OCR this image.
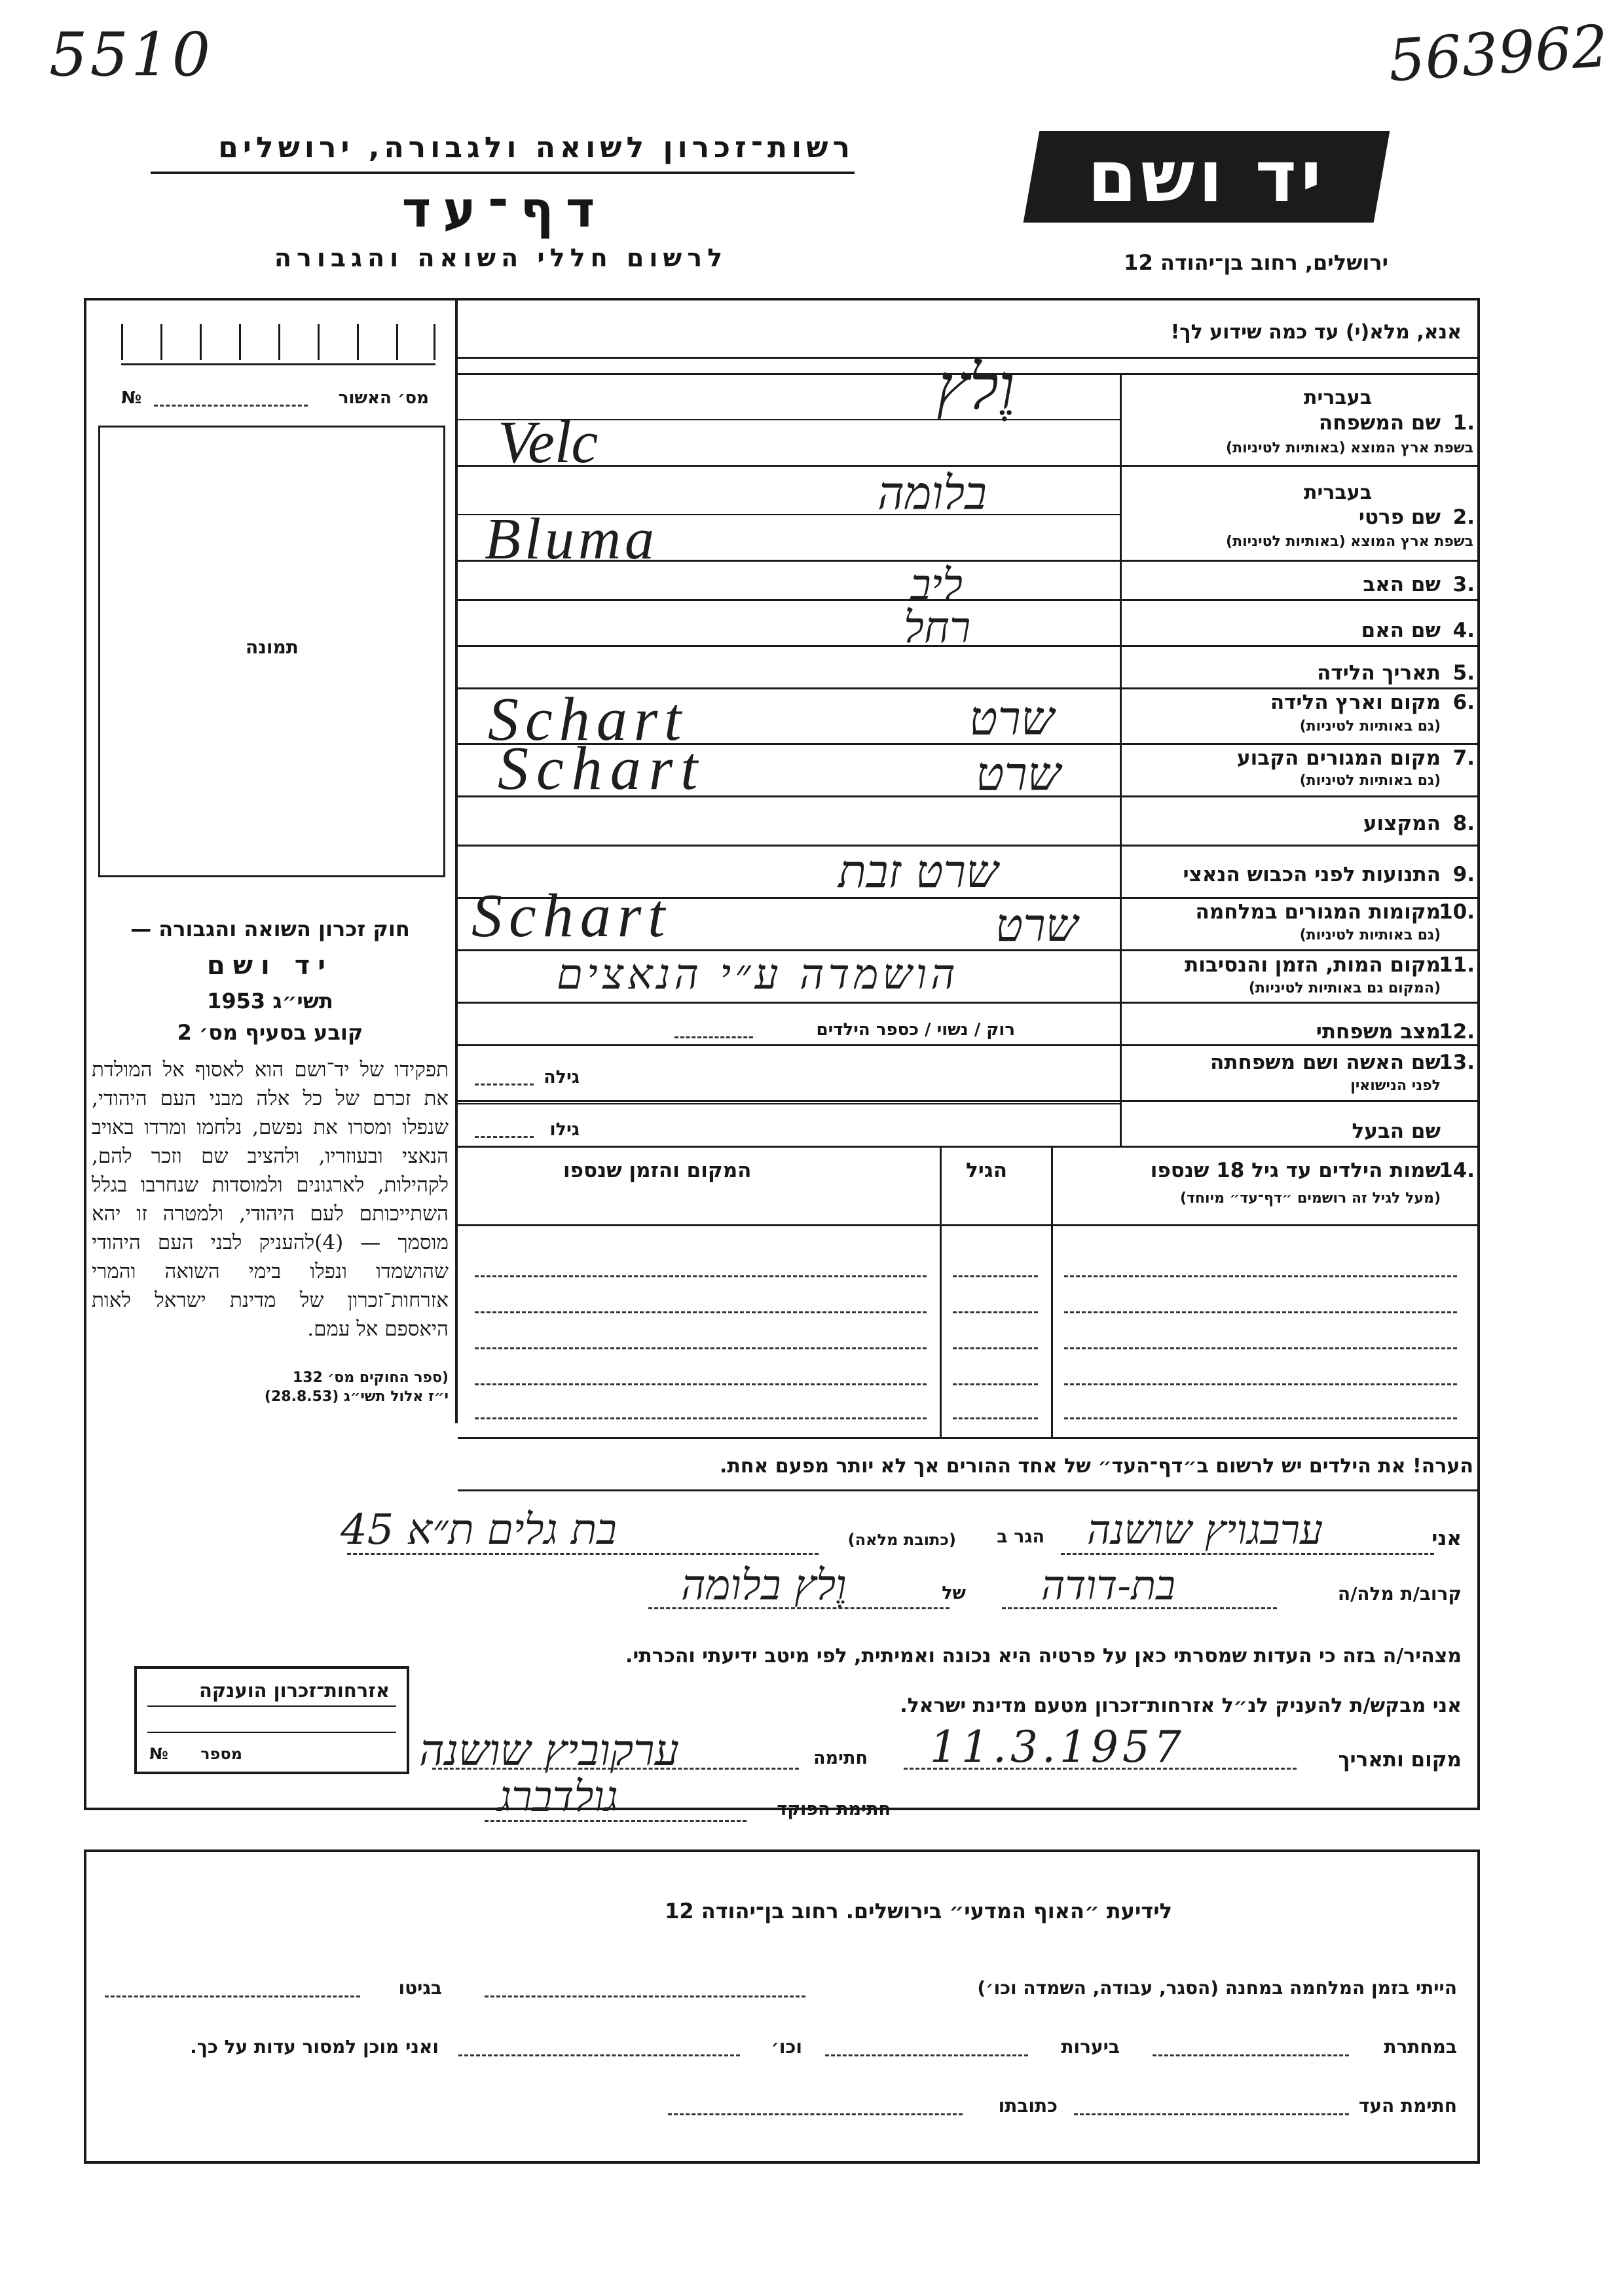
5510	563962
רשות־זכרון לשואה ולגבורה, ירושלים
דף־עד
לרשום חללי השואה והגבורה
יד ושם
ירושלים, רחוב בן־יהודה 12
מס׳ האשור
№
תמונה
חוק זכרון השואה והגבורה —
יד ושם
תשי״ג 1953
קובע בסעיף מס׳ 2
תפקידו של יד־ושם הוא לאסוף אל המולדת את זכרם של כל אלה מבני העם היהודי, שנפלו ומסרו את נפשם, נלחמו ומרדו באויב הנאצי ובעוזריו, ולהציב שם וזכר להם, לקהילות, לארגונים ולמוסדות שנחרבו בגלל השתייכותם לעם היהודי, ולמטרה זו יהא מוסמך — (4)להעניק לבני העם היהודי שהושמדו ונפלו בימי השואה והמרי אזרחות־זכרון של מדינת ישראל לאות היאספם אל עמם.
(ספר החוקים מס׳ 132
י״ז אלול תשי״ג (28.8.53)
אנא, מלא(י) עד כמה שידוע לך!
בעברית
1.
שם המשפחה
בשפת ארץ המוצא (באותיות לטיניות)
וֶלץ
Velc
בעברית
2.
שם פרטי
בשפת ארץ המוצא (באותיות לטיניות)
בלומה
Bluma
3.
שם האב
ליב
4.
שם האם
רחל
5.
תאריך הלידה
6.
מקום וארץ הלידה
(גם באותיות לטיניות)
Schart	שרט
7.
מקום המגורים הקבוע
(גם באותיות לטיניות)
Schart	שרט
8.
המקצוע
9.
התנועות לפני הכבוש הנאצי
שרט זבת
10.
מקומות המגורים במלחמה
(גם באותיות לטיניות)
Schart	שרט
11.
מקום המות, הזמן והנסיבות
(המקום גם באותיות לטיניות)
הושמדה ע״י הנאצים
12.
מצב משפחתי
רוק / נשוי / כספר הילדים
13.
שם האשה ושם משפחתה
לפני הנישואין
גילה
שם הבעל
גילו
14.
שמות הילדים עד גיל 18 שנספו
(מעל לגיל זה רושמים ״דף־עד״ מיוחד)
הגיל
המקום והזמן שנספו
הערה! את הילדים יש לרשום ב״דף־העד״ של אחד ההורים אך לא יותר מפעם אחת.
אני
ערבגויץ שושנה
הגר ב
(כתובת מלאה)
בת גלים ת״א 45
קרוב/ת מלה/ה
בת-דודה
של
וֶלץ בלומה
מצהיר/ה בזה כי העדות שמסרתי כאן על פרטיה היא נכונה ואמיתית, לפי מיטב ידיעתי והכרתי.
אני מבקש/ת להעניק לנ״ל אזרחות־זכרון מטעם מדינת ישראל.
מקום ותאריך
11.3.1957
חתימה
ערקוביץ שושנה
חתימת הפוקד
גולדברג
אזרחות־זכרון הוענקה
מספר
№
לידיעת ״האוף המדעי״ בירושלים. רחוב בן־יהודה 12
הייתי בזמן המלחמה במחנה (הסגר, עבודה, השמדה וכו׳)
בגיטו
במחתרת
ביערות
וכו׳
ואני מוכן למסור עדות על כך.
חתימת העד
כתובתו
